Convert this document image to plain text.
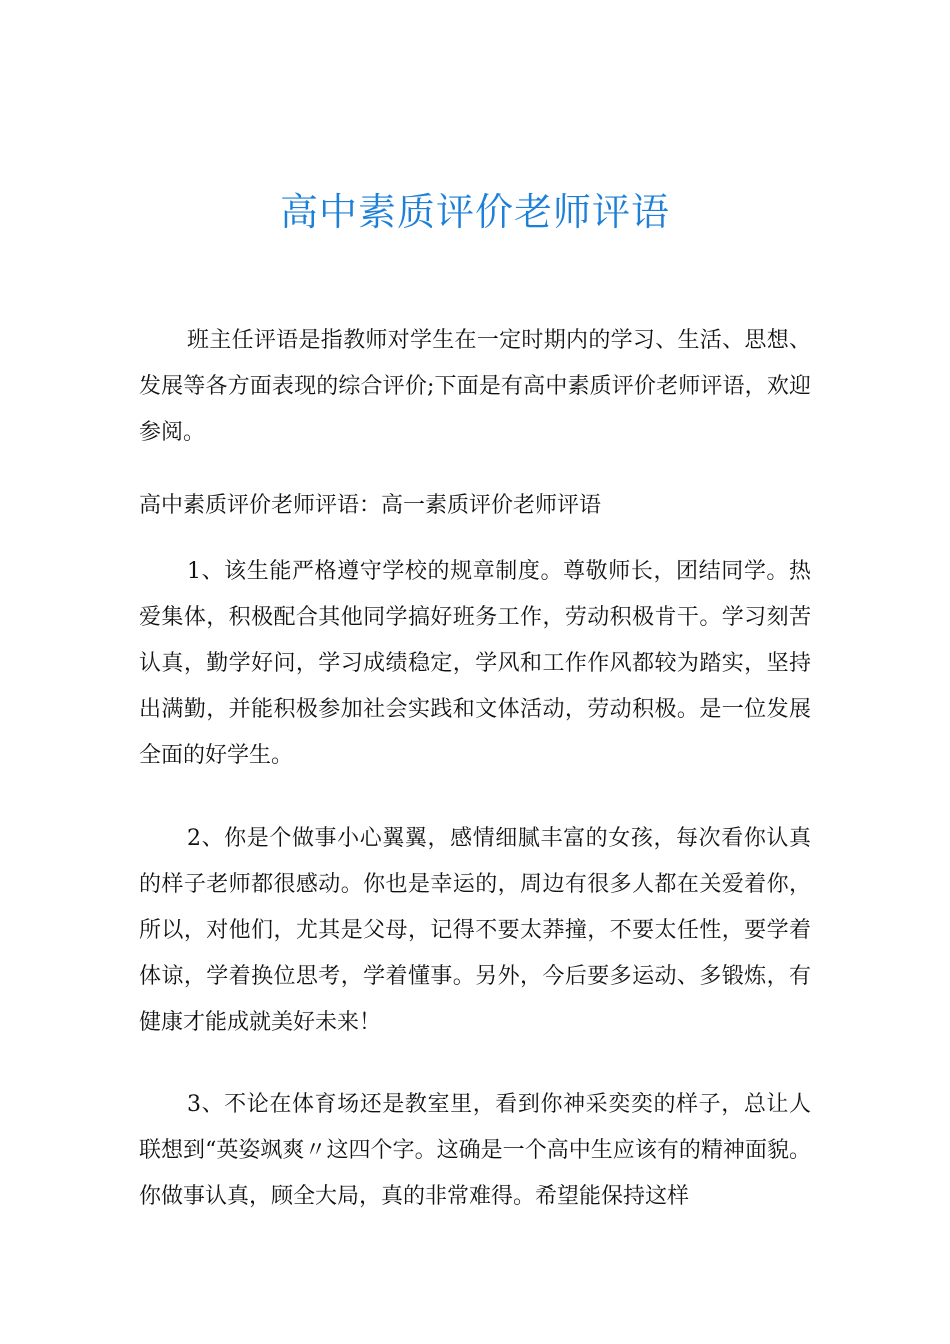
高中素质评价老师评语

班主任评语是指教师对学生在一定时期内的学习、生活、思想、发展等各方面表现的综合评价;下面是有高中素质评价老师评语，欢迎参阅。

高中素质评价老师评语：高一素质评价老师评语

1、该生能严格遵守学校的规章制度。尊敬师长，团结同学。热爱集体，积极配合其他同学搞好班务工作，劳动积极肯干。学习刻苦认真，勤学好问，学习成绩稳定，学风和工作作风都较为踏实，坚持出满勤，并能积极参加社会实践和文体活动，劳动积极。是一位发展全面的好学生。

2、你是个做事小心翼翼，感情细腻丰富的女孩，每次看你认真的样子老师都很感动。你也是幸运的，周边有很多人都在关爱着你，所以，对他们，尤其是父母，记得不要太莽撞，不要太任性，要学着体谅，学着换位思考，学着懂事。另外，今后要多运动、多锻炼，有健康才能成就美好未来！

3、不论在体育场还是教室里，看到你神采奕奕的样子，总让人联想到“英姿飒爽〃这四个字。这确是一个高中生应该有的精神面貌。你做事认真，顾全大局，真的非常难得。希望能保持这样
